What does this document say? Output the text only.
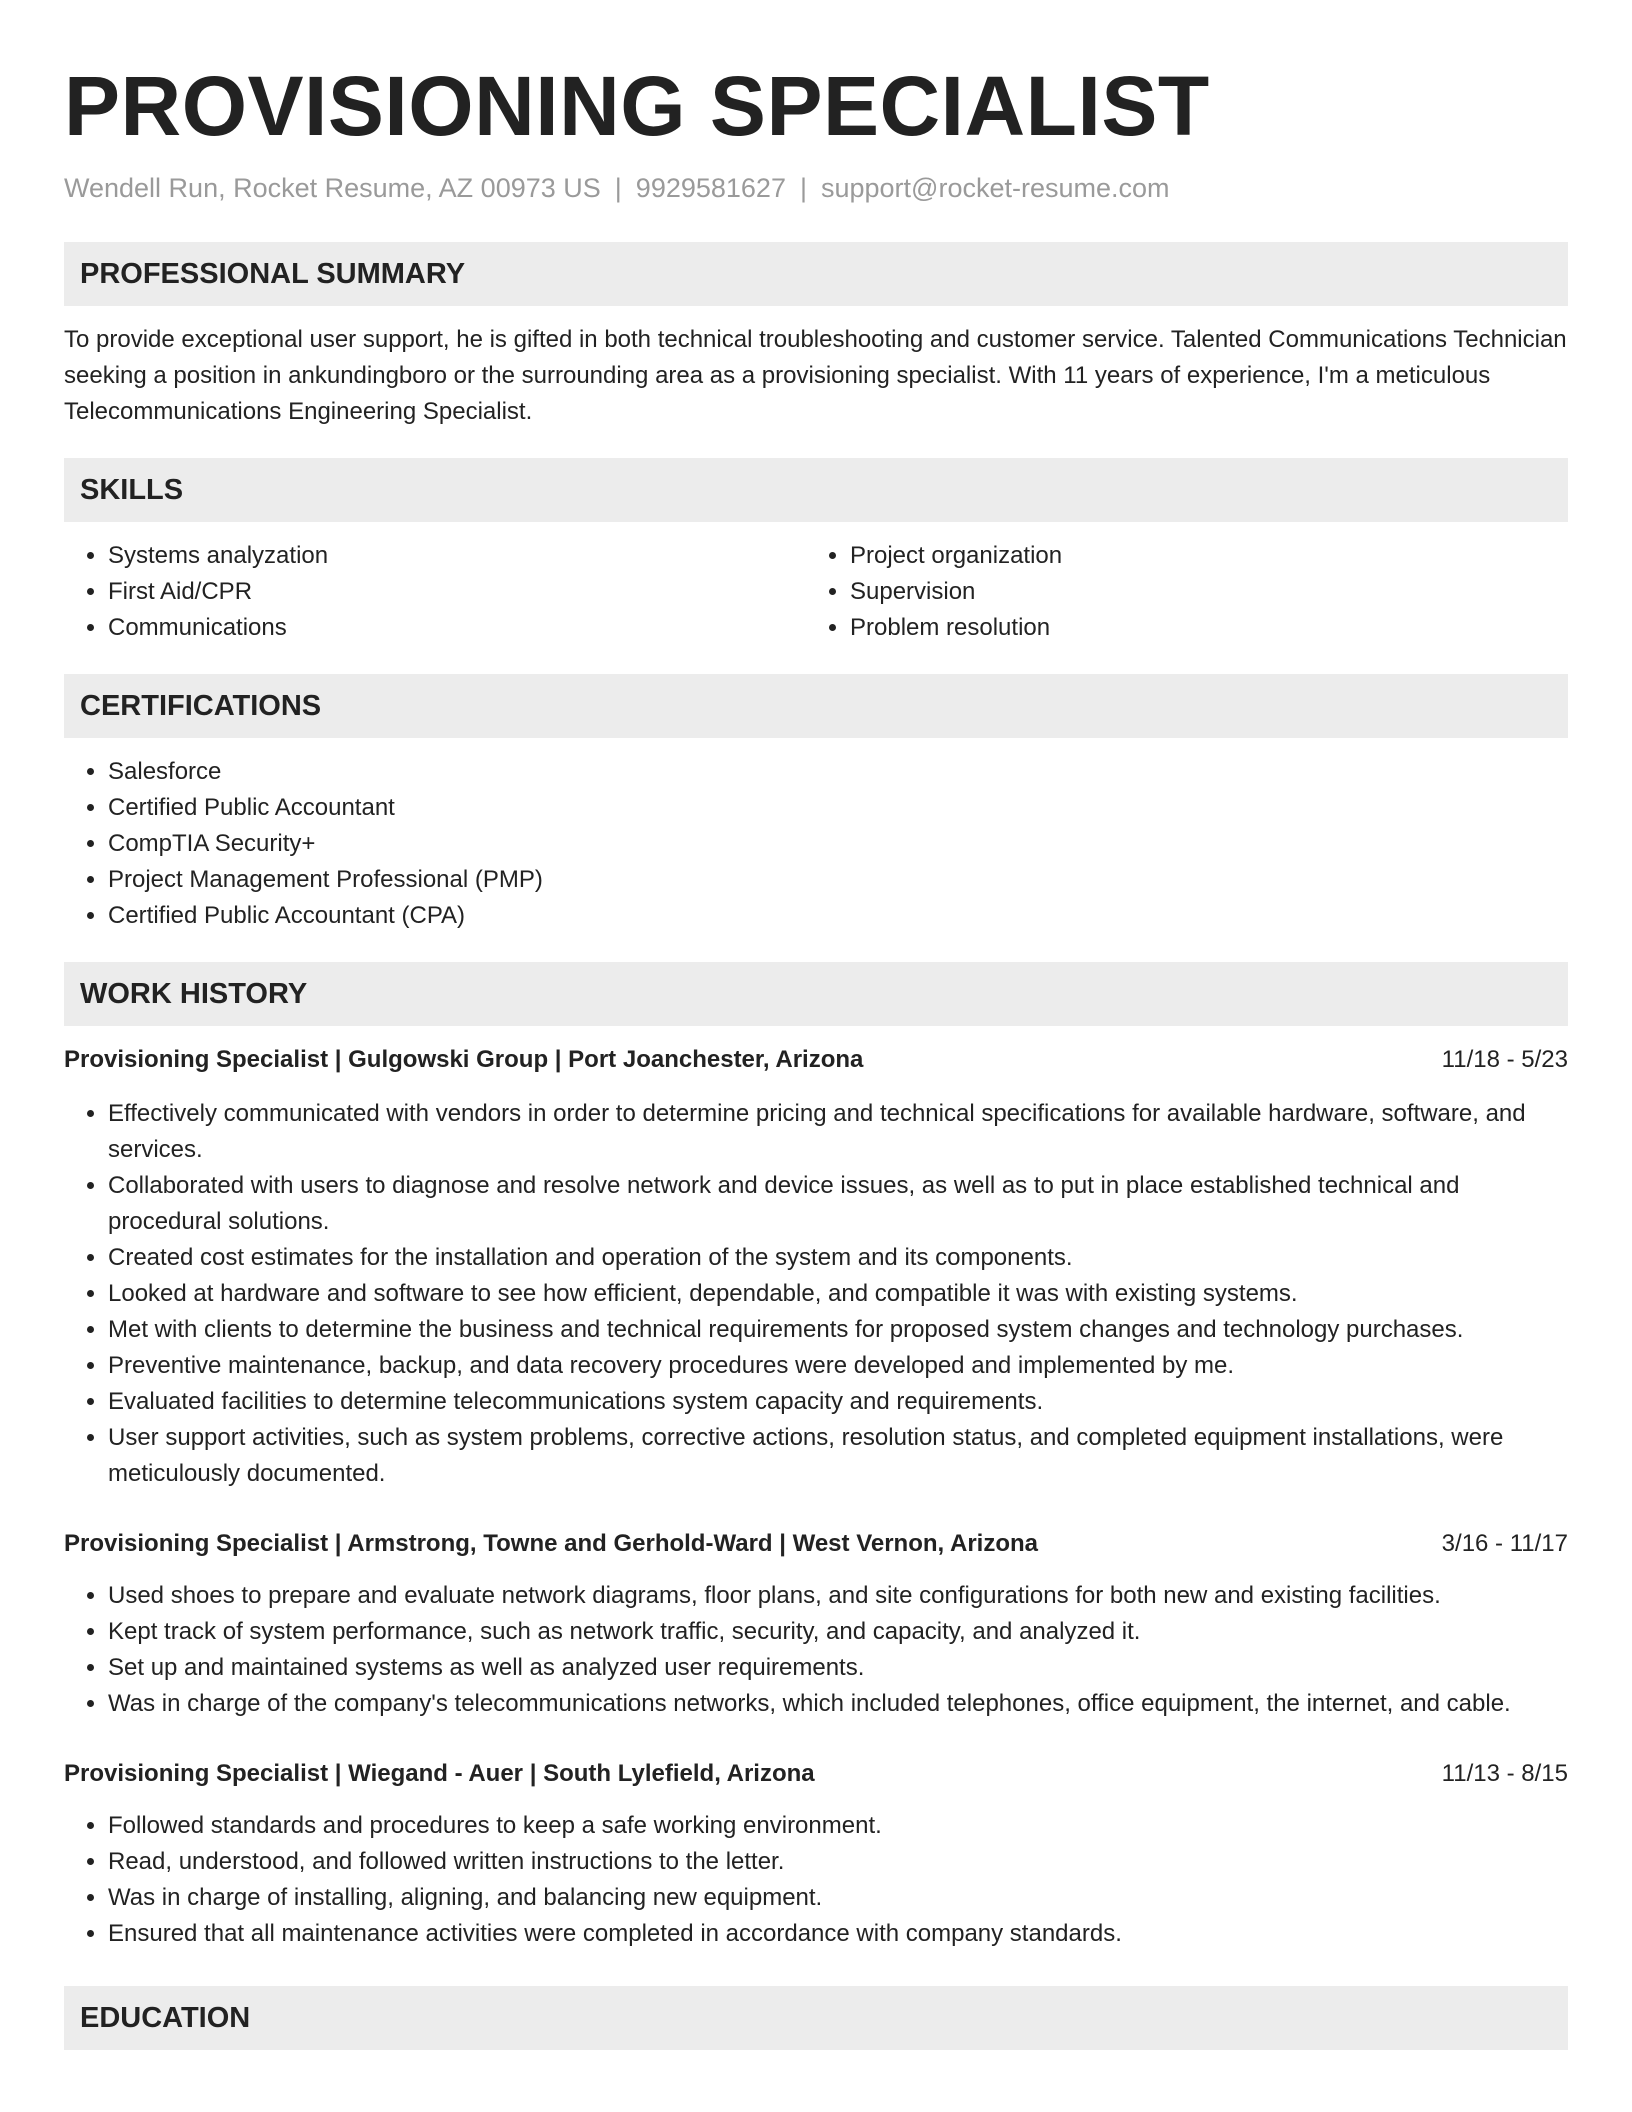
PROVISIONING SPECIALIST
Wendell Run, Rocket Resume, AZ 00973 US | 9929581627 | support@rocket-resume.com
PROFESSIONAL SUMMARY

To provide exceptional user support, he is gifted in both technical troubleshooting and customer service. Talented Communications Technician seeking a position in ankundingboro or the surrounding area as a provisioning specialist. With 11 years of experience, I'm a meticulous Telecommunications Engineering Specialist.

SKILLS
• Systems analyzation
• First Aid/CPR
• Communications
• Project organization
• Supervision
• Problem resolution
CERTIFICATIONS
• Salesforce
• Certified Public Accountant
• CompTIA Security+
• Project Management Professional (PMP)
• Certified Public Accountant (CPA)
WORK HISTORY
Provisioning Specialist | Gulgowski Group | Port Joanchester, Arizona	11/18 - 5/23
• Effectively communicated with vendors in order to determine pricing and technical specifications for available hardware, software, and services.
• Collaborated with users to diagnose and resolve network and device issues, as well as to put in place established technical and procedural solutions.
• Created cost estimates for the installation and operation of the system and its components.
• Looked at hardware and software to see how efficient, dependable, and compatible it was with existing systems.
• Met with clients to determine the business and technical requirements for proposed system changes and technology purchases.
• Preventive maintenance, backup, and data recovery procedures were developed and implemented by me.
• Evaluated facilities to determine telecommunications system capacity and requirements.
• User support activities, such as system problems, corrective actions, resolution status, and completed equipment installations, were meticulously documented.
Provisioning Specialist | Armstrong, Towne and Gerhold-Ward | West Vernon, Arizona	3/16 - 11/17
• Used shoes to prepare and evaluate network diagrams, floor plans, and site configurations for both new and existing facilities.
• Kept track of system performance, such as network traffic, security, and capacity, and analyzed it.
• Set up and maintained systems as well as analyzed user requirements.
• Was in charge of the company's telecommunications networks, which included telephones, office equipment, the internet, and cable.
Provisioning Specialist | Wiegand - Auer | South Lylefield, Arizona	11/13 - 8/15
• Followed standards and procedures to keep a safe working environment.
• Read, understood, and followed written instructions to the letter.
• Was in charge of installing, aligning, and balancing new equipment.
• Ensured that all maintenance activities were completed in accordance with company standards.
EDUCATION
